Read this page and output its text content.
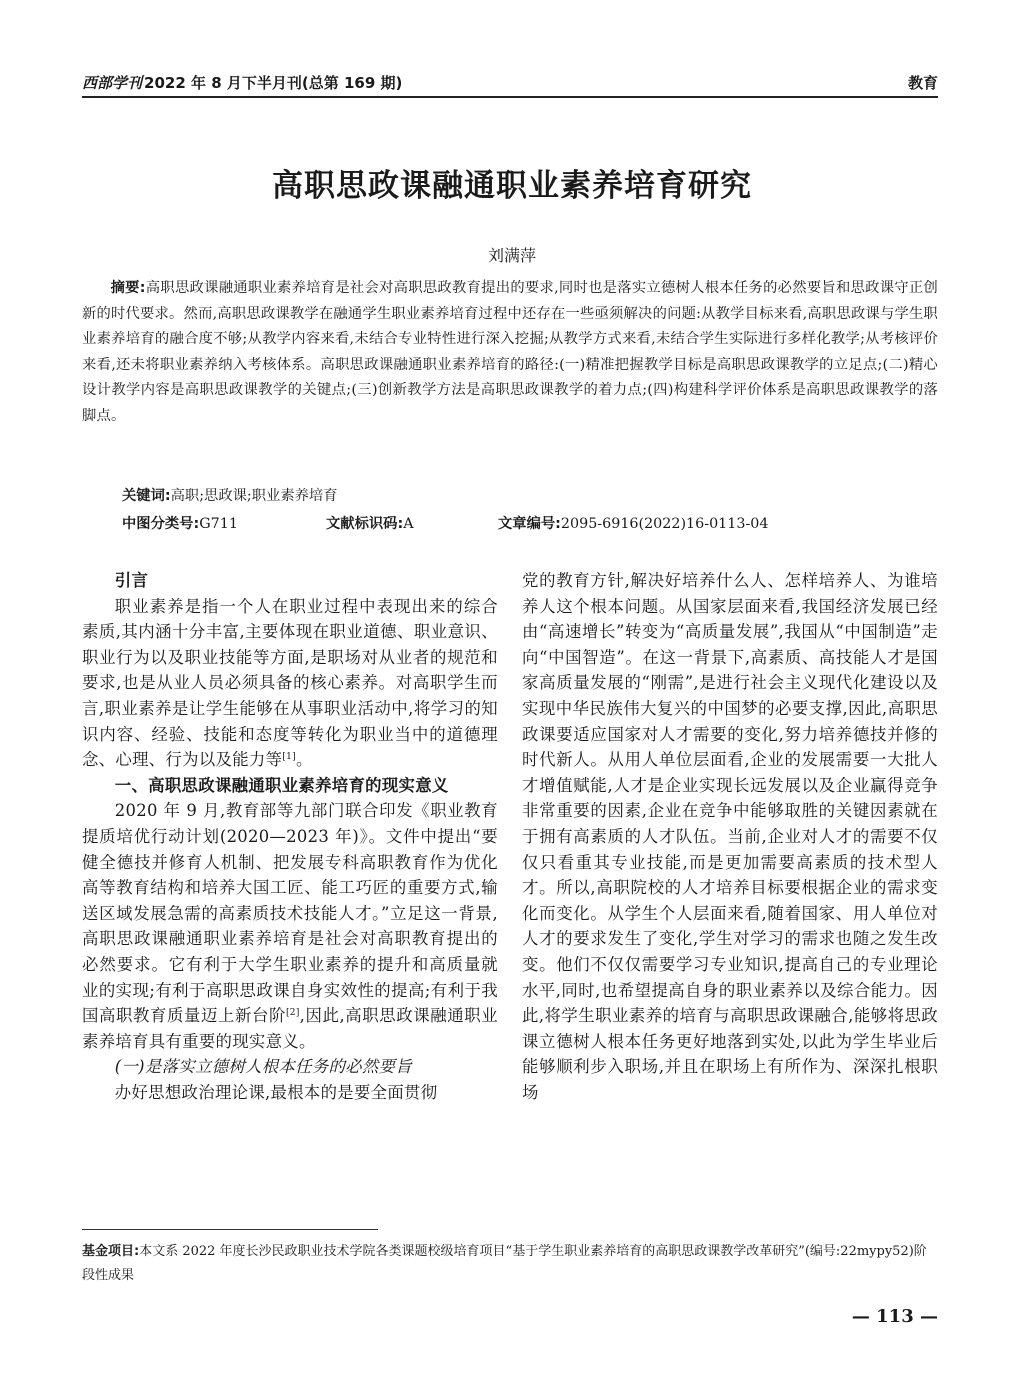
西部学刊 2022 年 8 月下半月刊(总第 169 期)	教育
高职思政课融通职业素养培育研究
刘满萍
摘要:高职思政课融通职业素养培育是社会对高职思政教育提出的要求,同时也是落实立德树人根本任务的必然要旨和思政课守正创新的时代要求。然而,高职思政课教学在融通学生职业素养培育过程中还存在一些亟须解决的问题:从教学目标来看,高职思政课与学生职业素养培育的融合度不够;从教学内容来看,未结合专业特性进行深入挖掘;从教学方式来看,未结合学生实际进行多样化教学;从考核评价来看,还未将职业素养纳入考核体系。高职思政课融通职业素养培育的路径:(一)精准把握教学目标是高职思政课教学的立足点;(二)精心设计教学内容是高职思政课教学的关键点;(三)创新教学方法是高职思政课教学的着力点;(四)构建科学评价体系是高职思政课教学的落脚点。
关键词:高职;思政课;职业素养培育
中图分类号:G711	文献标识码:A	文章编号:2095-6916(2022)16-0113-04
引言

职业素养是指一个人在职业过程中表现出来的综合素质,其内涵十分丰富,主要体现在职业道德、职业意识、职业行为以及职业技能等方面,是职场对从业者的规范和要求,也是从业人员必须具备的核心素养。对高职学生而言,职业素养是让学生能够在从事职业活动中,将学习的知识内容、经验、技能和态度等转化为职业当中的道德理念、心理、行为以及能力等[1]。

一、高职思政课融通职业素养培育的现实意义

2020 年 9 月,教育部等九部门联合印发《职业教育提质培优行动计划(2020—2023 年)》。文件中提出“要健全德技并修育人机制、把发展专科高职教育作为优化高等教育结构和培养大国工匠、能工巧匠的重要方式,输送区域发展急需的高素质技术技能人才。”立足这一背景,高职思政课融通职业素养培育是社会对高职教育提出的必然要求。它有利于大学生职业素养的提升和高质量就业的实现;有利于高职思政课自身实效性的提高;有利于我国高职教育质量迈上新台阶[2],因此,高职思政课融通职业素养培育具有重要的现实意义。

(一)是落实立德树人根本任务的必然要旨

办好思想政治理论课,最根本的是要全面贯彻

党的教育方针,解决好培养什么人、怎样培养人、为谁培养人这个根本问题。从国家层面来看,我国经济发展已经由“高速增长”转变为“高质量发展”,我国从“中国制造”走向“中国智造”。在这一背景下,高素质、高技能人才是国家高质量发展的“刚需”,是进行社会主义现代化建设以及实现中华民族伟大复兴的中国梦的必要支撑,因此,高职思政课要适应国家对人才需要的变化,努力培养德技并修的时代新人。从用人单位层面看,企业的发展需要一大批人才增值赋能,人才是企业实现长远发展以及企业赢得竞争非常重要的因素,企业在竞争中能够取胜的关键因素就在于拥有高素质的人才队伍。当前,企业对人才的需要不仅仅只看重其专业技能,而是更加需要高素质的技术型人才。所以,高职院校的人才培养目标要根据企业的需求变化而变化。从学生个人层面来看,随着国家、用人单位对人才的要求发生了变化,学生对学习的需求也随之发生改变。他们不仅仅需要学习专业知识,提高自己的专业理论水平,同时,也希望提高自身的职业素养以及综合能力。因此,将学生职业素养的培育与高职思政课融合,能够将思政课立德树人根本任务更好地落到实处,以此为学生毕业后能够顺利步入职场,并且在职场上有所作为、深深扎根职场

基金项目:本文系 2022 年度长沙民政职业技术学院各类课题校级培育项目“基于学生职业素养培育的高职思政课教学改革研究”(编号:22mypy52)阶段性成果
— 113 —
